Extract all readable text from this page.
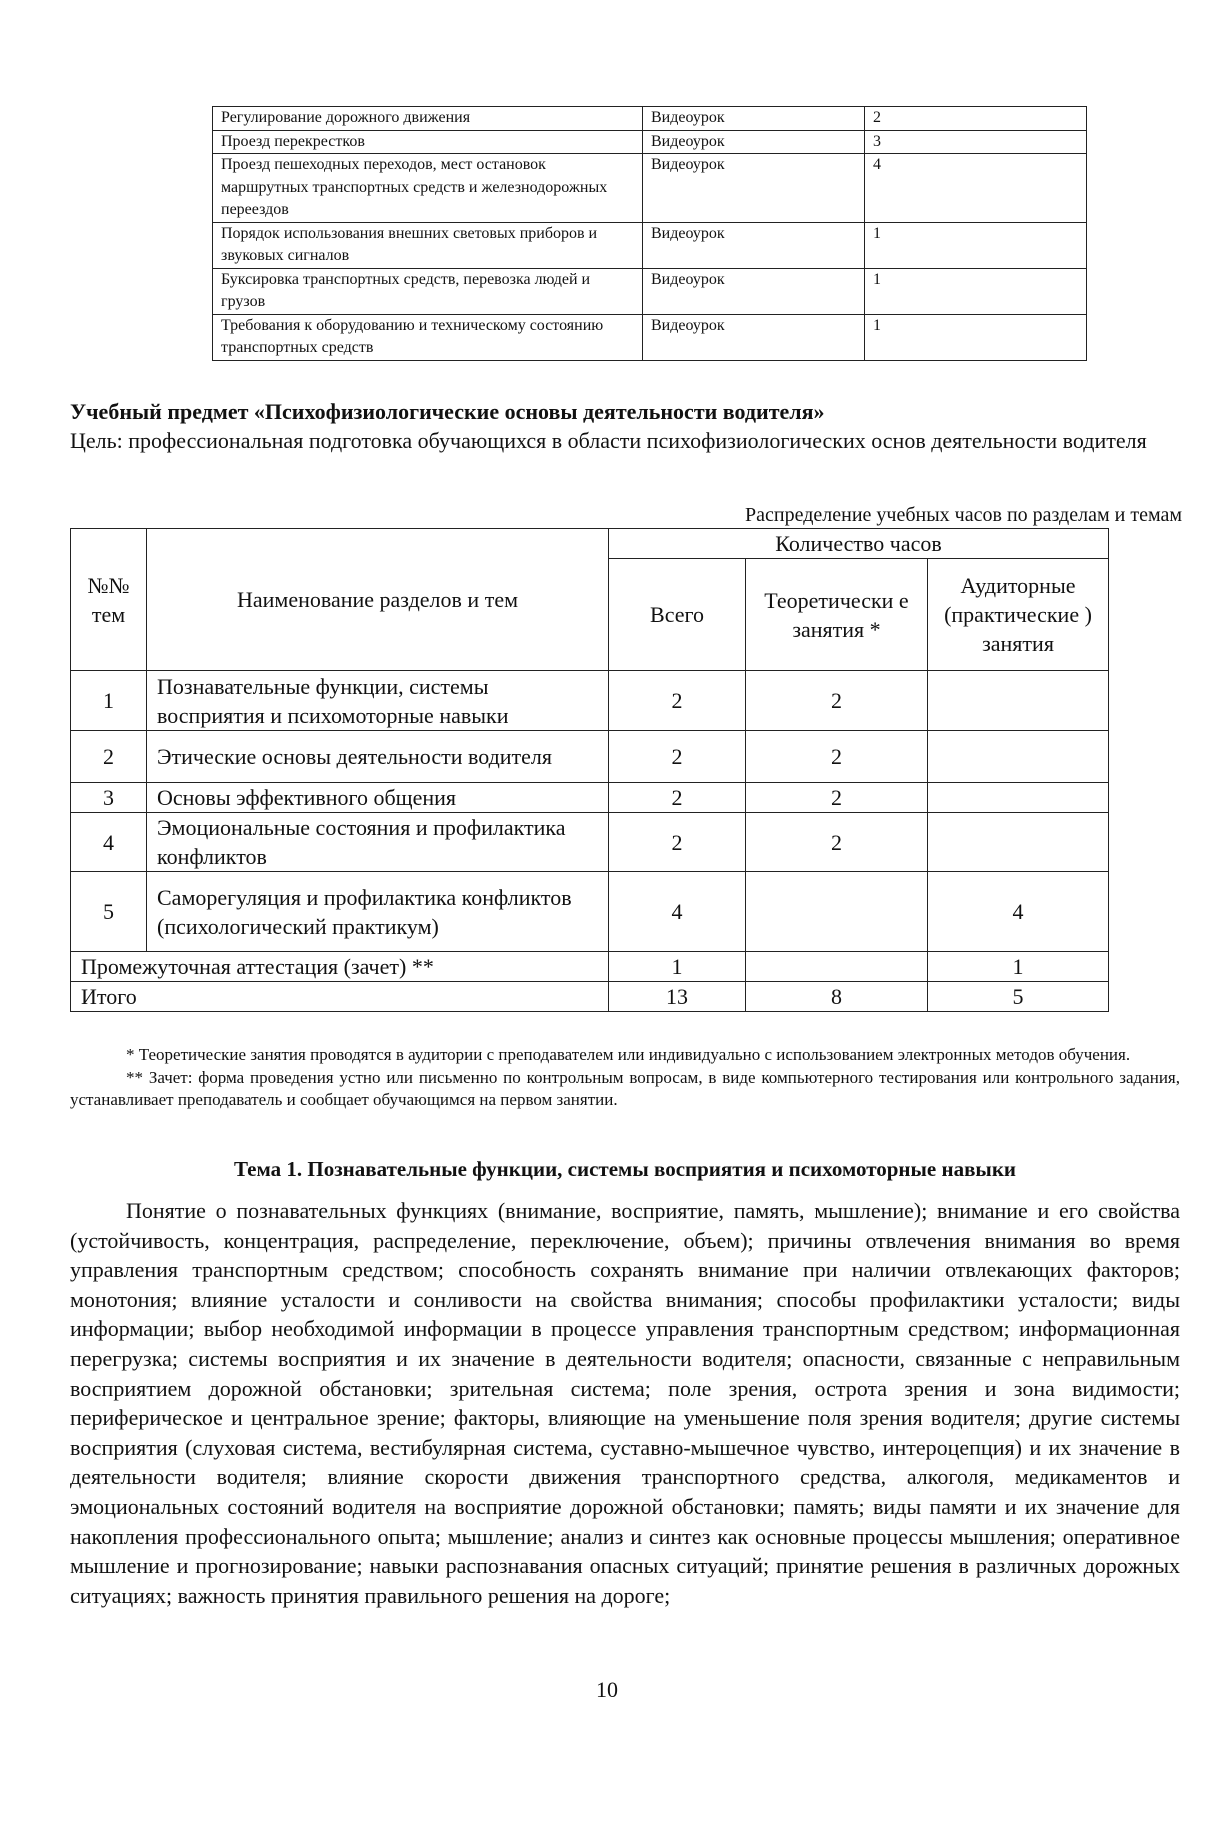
Регулирование дорожного движения	Видеоурок	2
Проезд перекрестков	Видеоурок	3
Проезд пешеходных переходов, мест остановок маршрутных транспортных средств и железнодорожных переездов	Видеоурок	4
Порядок использования внешних световых приборов и звуковых сигналов	Видеоурок	1
Буксировка транспортных средств, перевозка людей и грузов	Видеоурок	1
Требования к оборудованию и техническому состоянию транспортных средств	Видеоурок	1
Учебный предмет «Психофизиологические основы деятельности водителя»
Цель: профессиональная подготовка обучающихся в области психофизиологических основ деятельности водителя
Распределение учебных часов по разделам и темам
№№ тем	Наименование разделов и тем	Количество часов		
		Всего	Теоретически е занятия *	Аудиторные (практические ) занятия
1	Познавательные функции, системы восприятия и психомоторные навыки	2	2	
2	Этические основы деятельности водителя	2	2	
3	Основы эффективного общения	2	2	
4	Эмоциональные состояния и профилактика конфликтов	2	2	
5	Саморегуляция и профилактика конфликтов (психологический практикум)	4		4
Промежуточная аттестация (зачет) **		1		1
Итого		13	8	5

* Теоретические занятия проводятся в аудитории с преподавателем или индивидуально с использованием электронных методов обучения.

** Зачет: форма проведения устно или письменно по контрольным вопросам, в виде компьютерного тестирования или контрольного задания, устанавливает преподаватель и сообщает обучающимся на первом занятии.

Тема 1. Познавательные функции, системы восприятия и психомоторные навыки

Понятие о познавательных функциях (внимание, восприятие, память, мышление); внимание и его свойства (устойчивость, концентрация, распределение, переключение, объем); причины отвлечения внимания во время управления транспортным средством; способность сохранять внимание при наличии отвлекающих факторов; монотония; влияние усталости и сонливости на свойства внимания; способы профилактики усталости; виды информации; выбор необходимой информации в процессе управления транспортным средством; информационная перегрузка; системы восприятия и их значение в деятельности водителя; опасности, связанные с неправильным восприятием дорожной обстановки; зрительная система; поле зрения, острота зрения и зона видимости; периферическое и центральное зрение; факторы, влияющие на уменьшение поля зрения водителя; другие системы восприятия (слуховая система, вестибулярная система, суставно-мышечное чувство, интероцепция) и их значение в деятельности водителя; влияние скорости движения транспортного средства, алкоголя, медикаментов и эмоциональных состояний водителя на восприятие дорожной обстановки; память; виды памяти и их значение для накопления профессионального опыта; мышление; анализ и синтез как основные процессы мышления; оперативное мышление и прогнозирование; навыки распознавания опасных ситуаций; принятие решения в различных дорожных ситуациях; важность принятия правильного решения на дороге;

10
